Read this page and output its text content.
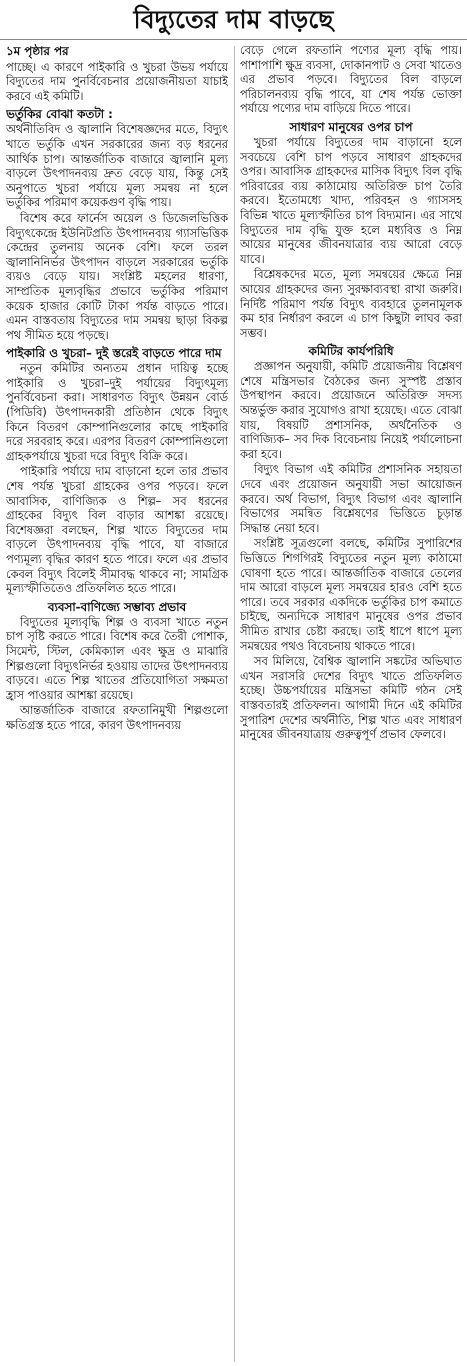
বিদ্যুতের দাম বাড়ছে
১ম পৃষ্ঠার পর

পাচ্ছে। এ কারণে পাইকারি ও খুচরা উভয় পর্যায়ে বিদ্যুতের দাম পুনর্বিবেচনার প্রয়োজনীয়তা যাচাই করবে এই কমিটি।

ভর্তুকির বোঝা কতটা :

অর্থনীতিবিদ ও জ্বালানি বিশেষজ্ঞদের মতে, বিদ্যুৎ খাতে ভর্তুকি এখন সরকারের জন্য বড় ধরনের আর্থিক চাপ। আন্তর্জাতিক বাজারে জ্বালানি মূল্য বাড়লে উৎপাদনব্যয় দ্রুত বেড়ে যায়, কিন্তু সেই অনুপাতে খুচরা পর্যায়ে মূল্য সমন্বয় না হলে ভর্তুকির পরিমাণ কয়েকগুণ বৃদ্ধি পায়।

বিশেষ করে ফার্নেস অয়েল ও ডিজেলভিত্তিক বিদ্যুৎকেন্দ্রে ইউনিটপ্রতি উৎপাদনব্যয় গ্যাসভিত্তিক কেন্দ্রের তুলনায় অনেক বেশি। ফলে তরল জ্বালানিনির্ভর উৎপাদন বাড়লে সরকারের ভর্তুকি ব্যয়ও বেড়ে যায়। সংশ্লিষ্ট মহলের ধারণা, সাম্প্রতিক মূল্যবৃদ্ধির প্রভাবে ভর্তুকির পরিমাণ কয়েক হাজার কোটি টাকা পর্যন্ত বাড়তে পারে। এমন বাস্তবতায় বিদ্যুতের দাম সমন্বয় ছাড়া বিকল্প পথ সীমিত হয়ে পড়ছে।

পাইকারি ও খুচরা– দুই স্তরেই বাড়তে পারে দাম

নতুন কমিটির অন্যতম প্রধান দায়িত্ব হচ্ছে পাইকারি ও খুচরা–দুই পর্যায়ের বিদ্যুৎমূল্য পুনর্বিবেচনা করা। সাধারণত বিদ্যুৎ উন্নয়ন বোর্ড (পিডিবি) উৎপাদনকারী প্রতিষ্ঠান থেকে বিদ্যুৎ কিনে বিতরণ কোম্পানিগুলোর কাছে পাইকারি দরে সরবরাহ করে। এরপর বিতরণ কোম্পানিগুলো গ্রাহকপর্যায়ে খুচরা দরে বিদ্যুৎ বিক্রি করে।

পাইকারি পর্যায়ে দাম বাড়ানো হলে তার প্রভাব শেষ পর্যন্ত খুচরা গ্রাহকের ওপর পড়বে। ফলে আবাসিক, বাণিজ্যিক ও শিল্প– সব ধরনের গ্রাহকের বিদ্যুৎ বিল বাড়ার আশঙ্কা রয়েছে। বিশেষজ্ঞরা বলছেন, শিল্প খাতে বিদ্যুতের দাম বাড়লে উৎপাদনব্যয় বৃদ্ধি পাবে, যা বাজারে পণ্যমূল্য বৃদ্ধির কারণ হতে পারে। ফলে এর প্রভাব কেবল বিদ্যুৎ বিলেই সীমাবদ্ধ থাকবে না; সামগ্রিক মূল্যস্ফীতিতেও প্রতিফলিত হতে পারে।

ব্যবসা-বাণিজ্যে সম্ভাব্য প্রভাব

বিদ্যুতের মূল্যবৃদ্ধি শিল্প ও ব্যবসা খাতে নতুন চাপ সৃষ্টি করতে পারে। বিশেষ করে তৈরী পোশাক, সিমেন্ট, স্টিল, কেমিক্যাল এবং ক্ষুদ্র ও মাঝারি শিল্পগুলো বিদ্যুৎনির্ভর হওয়ায় তাদের উৎপাদনব্যয় বাড়বে। এতে শিল্প খাতের প্রতিযোগিতা সক্ষমতা হ্রাস পাওয়ার আশঙ্কা রয়েছে।

আন্তর্জাতিক বাজারে রফতানিমুখী শিল্পগুলো ক্ষতিগ্রস্ত হতে পারে, কারণ উৎপাদনব্যয়

বেড়ে গেলে রফতানি পণ্যের মূল্য বৃদ্ধি পায়। পাশাপাশি ক্ষুদ্র ব্যবসা, দোকানপাট ও সেবা খাতেও এর প্রভাব পড়বে। বিদ্যুতের বিল বাড়লে পরিচালনব্যয় বৃদ্ধি পাবে, যা শেষ পর্যন্ত ভোক্তা পর্যায়ে পণ্যের দাম বাড়িয়ে দিতে পারে।

সাধারণ মানুষের ওপর চাপ

খুচরা পর্যায়ে বিদ্যুতের দাম বাড়ানো হলে সবচেয়ে বেশি চাপ পড়বে সাধারণ গ্রাহকদের ওপর। আবাসিক গ্রাহকদের মাসিক বিদ্যুৎ বিল বৃদ্ধি পরিবারের ব্যয় কাঠামোয় অতিরিক্ত চাপ তৈরি করবে। ইতোমধ্যে খাদ্য, পরিবহন ও গ্যাসসহ বিভিন্ন খাতে মূল্যস্ফীতির চাপ বিদ্যমান। এর সাথে বিদ্যুতের দাম বৃদ্ধি যুক্ত হলে মধ্যবিত্ত ও নিম্ন আয়ের মানুষের জীবনযাত্রার ব্যয় আরো বেড়ে যাবে।

বিশ্লেষকদের মতে, মূল্য সমন্বয়ের ক্ষেত্রে নিম্ন আয়ের গ্রাহকদের জন্য সুরক্ষাব্যবস্থা রাখা জরুরি। নির্দিষ্ট পরিমাণ পর্যন্ত বিদ্যুৎ ব্যবহারে তুলনামূলক কম হার নির্ধারণ করলে এ চাপ কিছুটা লাঘব করা সম্ভব।

কমিটির কার্যপরিধি

প্রজ্ঞাপন অনুযায়ী, কমিটি প্রয়োজনীয় বিশ্লেষণ শেষে মন্ত্রিসভার বৈঠকের জন্য সুস্পষ্ট প্রস্তাব উপস্থাপন করবে। প্রয়োজনে অতিরিক্ত সদস্য অন্তর্ভুক্ত করার সুযোগও রাখা হয়েছে। এতে বোঝা যায়, বিষয়টি প্রশাসনিক, অর্থনৈতিক ও বাণিজ্যিক– সব দিক বিবেচনায় নিয়েই পর্যালোচনা করা হবে।

বিদ্যুৎ বিভাগ এই কমিটির প্রশাসনিক সহায়তা দেবে এবং প্রয়োজন অনুযায়ী সভা আয়োজন করবে। অর্থ বিভাগ, বিদ্যুৎ বিভাগ এবং জ্বালানি বিভাগের সমন্বিত বিশ্লেষণের ভিত্তিতে চূড়ান্ত সিদ্ধান্ত নেয়া হবে।

সংশ্লিষ্ট সূত্রগুলো বলছে, কমিটির সুপারিশের ভিত্তিতে শিগগিরই বিদ্যুতের নতুন মূল্য কাঠামো ঘোষণা হতে পারে। আন্তর্জাতিক বাজারে তেলের দাম আরো বাড়লে মূল্য সমন্বয়ের হারও বেশি হতে পারে। তবে সরকার একদিকে ভর্তুকির চাপ কমাতে চাইছে, অন্যদিকে সাধারণ মানুষের ওপর প্রভাব সীমিত রাখার চেষ্টা করছে। তাই ধাপে ধাপে মূল্য সমন্বয়ের পথও বিবেচনায় থাকতে পারে।

সব মিলিয়ে, বৈশ্বিক জ্বালানি সঙ্কটের অভিঘাত এখন সরাসরি দেশের বিদ্যুৎ খাতে প্রতিফলিত হচ্ছে। উচ্চপর্যায়ের মন্ত্রিসভা কমিটি গঠন সেই বাস্তবতারই প্রতিফলন। আগামী দিনে এই কমিটির সুপারিশ দেশের অর্থনীতি, শিল্প খাত এবং সাধারণ মানুষের জীবনযাত্রায় গুরুত্বপূর্ণ প্রভাব ফেলবে।
